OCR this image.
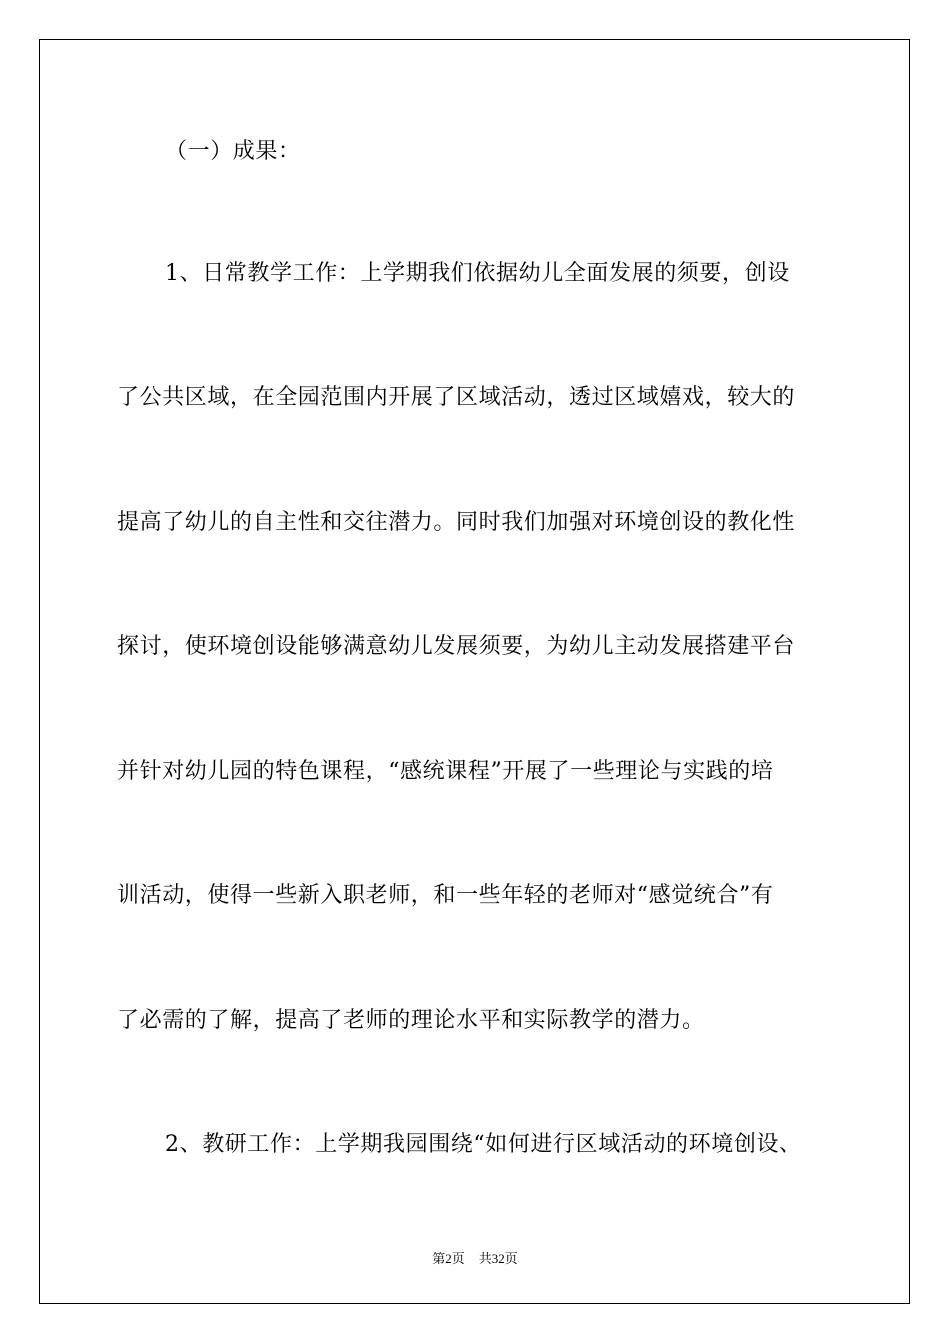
（一）成果：
1、日常教学工作：上学期我们依据幼儿全面发展的须要，创设
了公共区域，在全园范围内开展了区域活动，透过区域嬉戏，较大的
提高了幼儿的自主性和交往潜力。同时我们加强对环境创设的教化性
探讨，使环境创设能够满意幼儿发展须要，为幼儿主动发展搭建平台
并针对幼儿园的特色课程，“感统课程”开展了一些理论与实践的培
训活动，使得一些新入职老师，和一些年轻的老师对“感觉统合”有
了必需的了解，提高了老师的理论水平和实际教学的潜力。
2、教研工作：上学期我园围绕“如何进行区域活动的环境创设、
第2页 共32页
